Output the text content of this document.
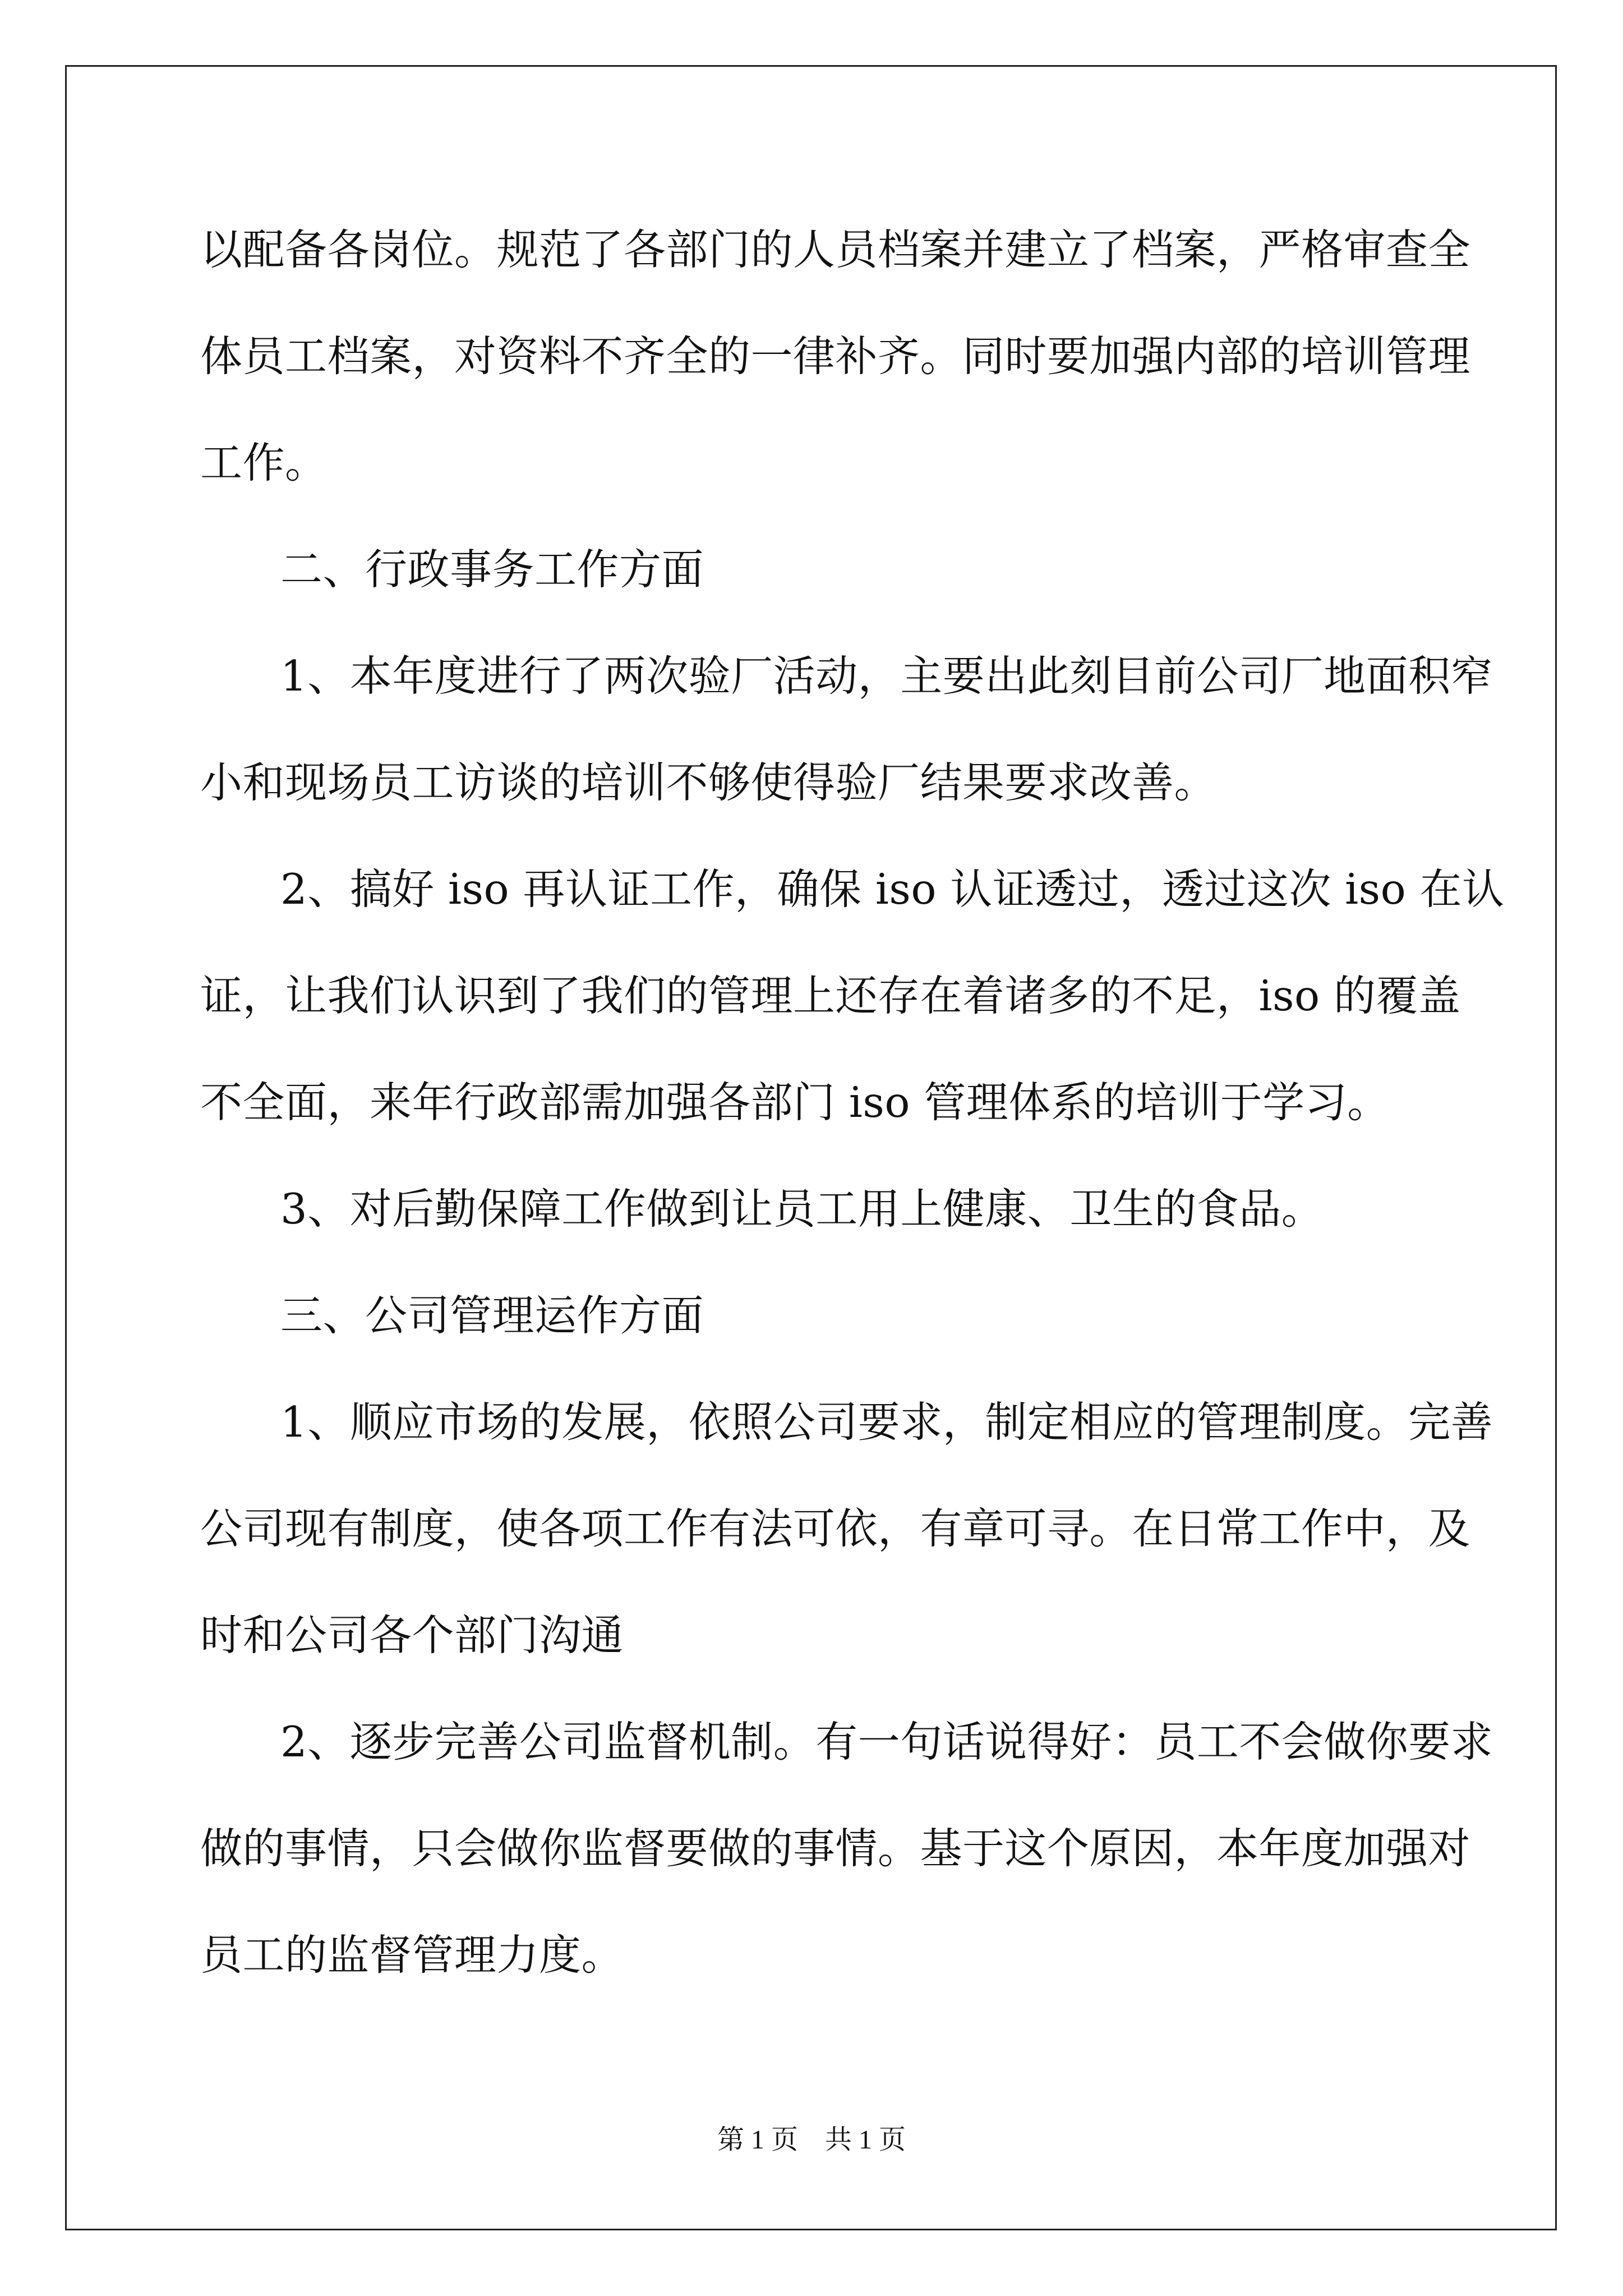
以配备各岗位。规范了各部门的人员档案并建立了档案，严格审查全
体员工档案，对资料不齐全的一律补齐。同时要加强内部的培训管理
工作。
二、行政事务工作方面
1、本年度进行了两次验厂活动，主要出此刻目前公司厂地面积窄
小和现场员工访谈的培训不够使得验厂结果要求改善。
2、搞好 iso 再认证工作，确保 iso 认证透过，透过这次 iso 在认
证，让我们认识到了我们的管理上还存在着诸多的不足，iso 的覆盖
不全面，来年行政部需加强各部门 iso 管理体系的培训于学习。
3、对后勤保障工作做到让员工用上健康、卫生的食品。
三、公司管理运作方面
1、顺应市场的发展，依照公司要求，制定相应的管理制度。完善
公司现有制度，使各项工作有法可依，有章可寻。在日常工作中，及
时和公司各个部门沟通
2、逐步完善公司监督机制。有一句话说得好：员工不会做你要求
做的事情，只会做你监督要做的事情。基于这个原因，本年度加强对
员工的监督管理力度。
第 1 页　共 1 页
